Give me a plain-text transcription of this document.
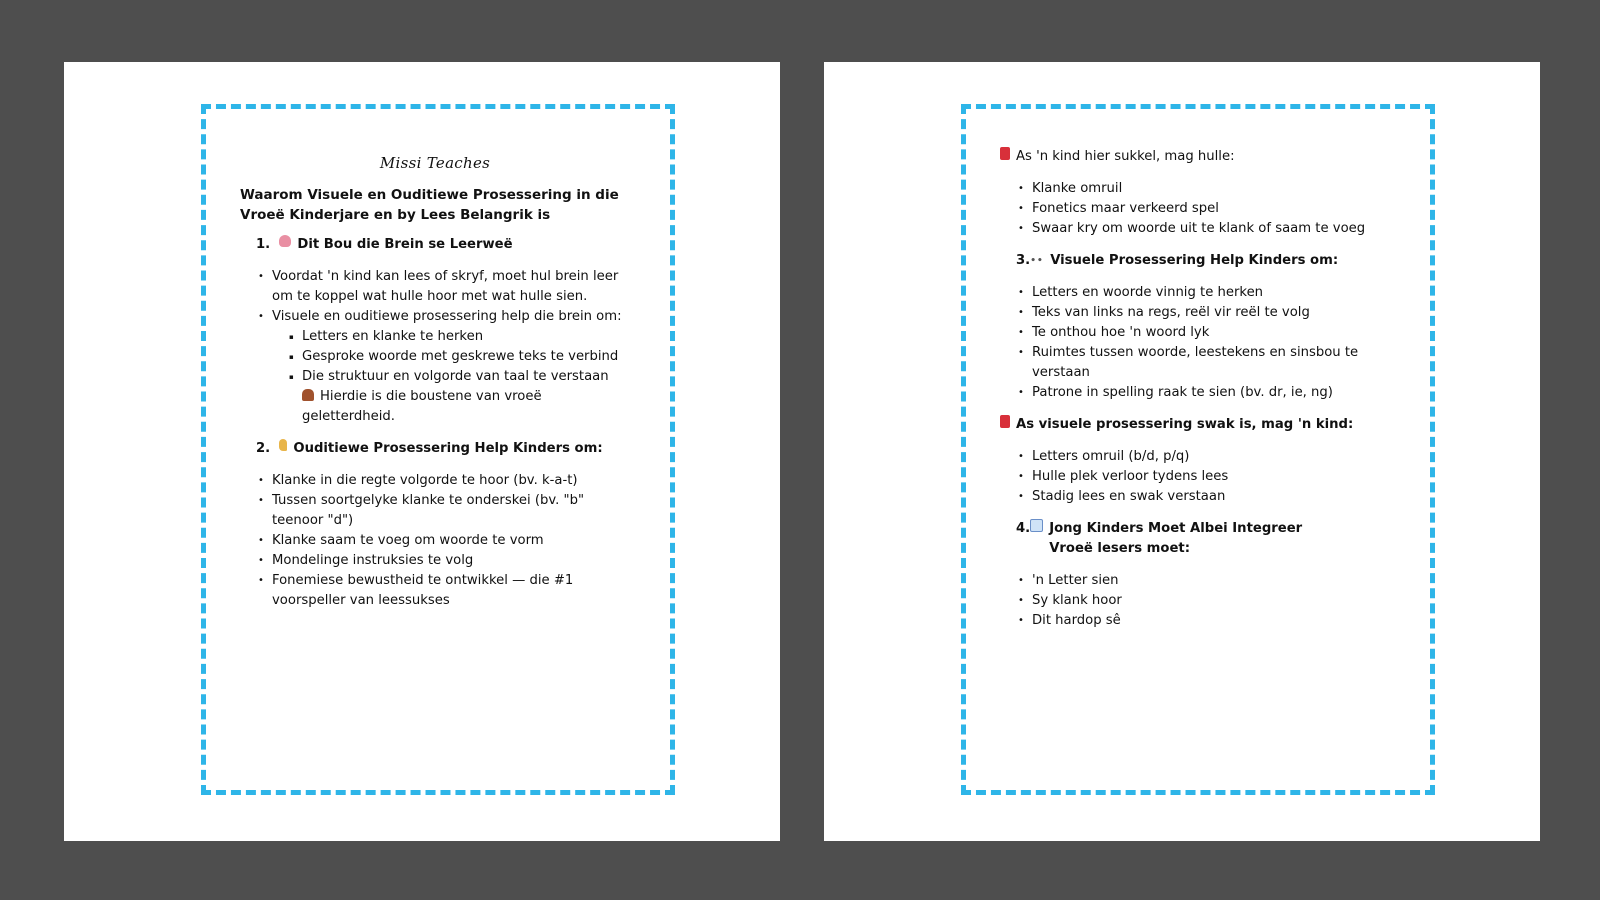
Missi Teaches
Waarom Visuele en Ouditiewe Prosessering in die Vroeë Kinderjare en by Lees Belangrik is
1.
Dit Bou die Brein se Leerweë
• Voordat 'n kind kan lees of skryf, moet hul brein leer om te koppel wat hulle hoor met wat hulle sien.
• Visuele en ouditiewe prosessering help die brein om:
▪ Letters en klanke te herken
▪ Gesproke woorde met geskrewe teks te verbind
▪ Die struktuur en volgorde van taal te verstaan
Hierdie is die boustene van vroeë geletterdheid.
2.
Ouditiewe Prosessering Help Kinders om:
• Klanke in die regte volgorde te hoor (bv. k-a-t)
• Tussen soortgelyke klanke te onderskei (bv. "b" teenoor "d")
• Klanke saam te voeg om woorde te vorm
• Mondelinge instruksies te volg
• Fonemiese bewustheid te ontwikkel — die #1 voorspeller van leessukses
As 'n kind hier sukkel, mag hulle:
• Klanke omruil
• Fonetics maar verkeerd spel
• Swaar kry om woorde uit te klank of saam te voeg
3. •• Visuele Prosessering Help Kinders om:
• Letters en woorde vinnig te herken
• Teks van links na regs, reël vir reël te volg
• Te onthou hoe 'n woord lyk
• Ruimtes tussen woorde, leestekens en sinsbou te verstaan
• Patrone in spelling raak te sien (bv. dr, ie, ng)
As visuele prosessering swak is, mag 'n kind:
• Letters omruil (b/d, p/q)
• Hulle plek verloor tydens lees
• Stadig lees en swak verstaan
4. Jong Kinders Moet Albei Integreer
Vroeë lesers moet:
• 'n Letter sien
• Sy klank hoor
• Dit hardop sê
